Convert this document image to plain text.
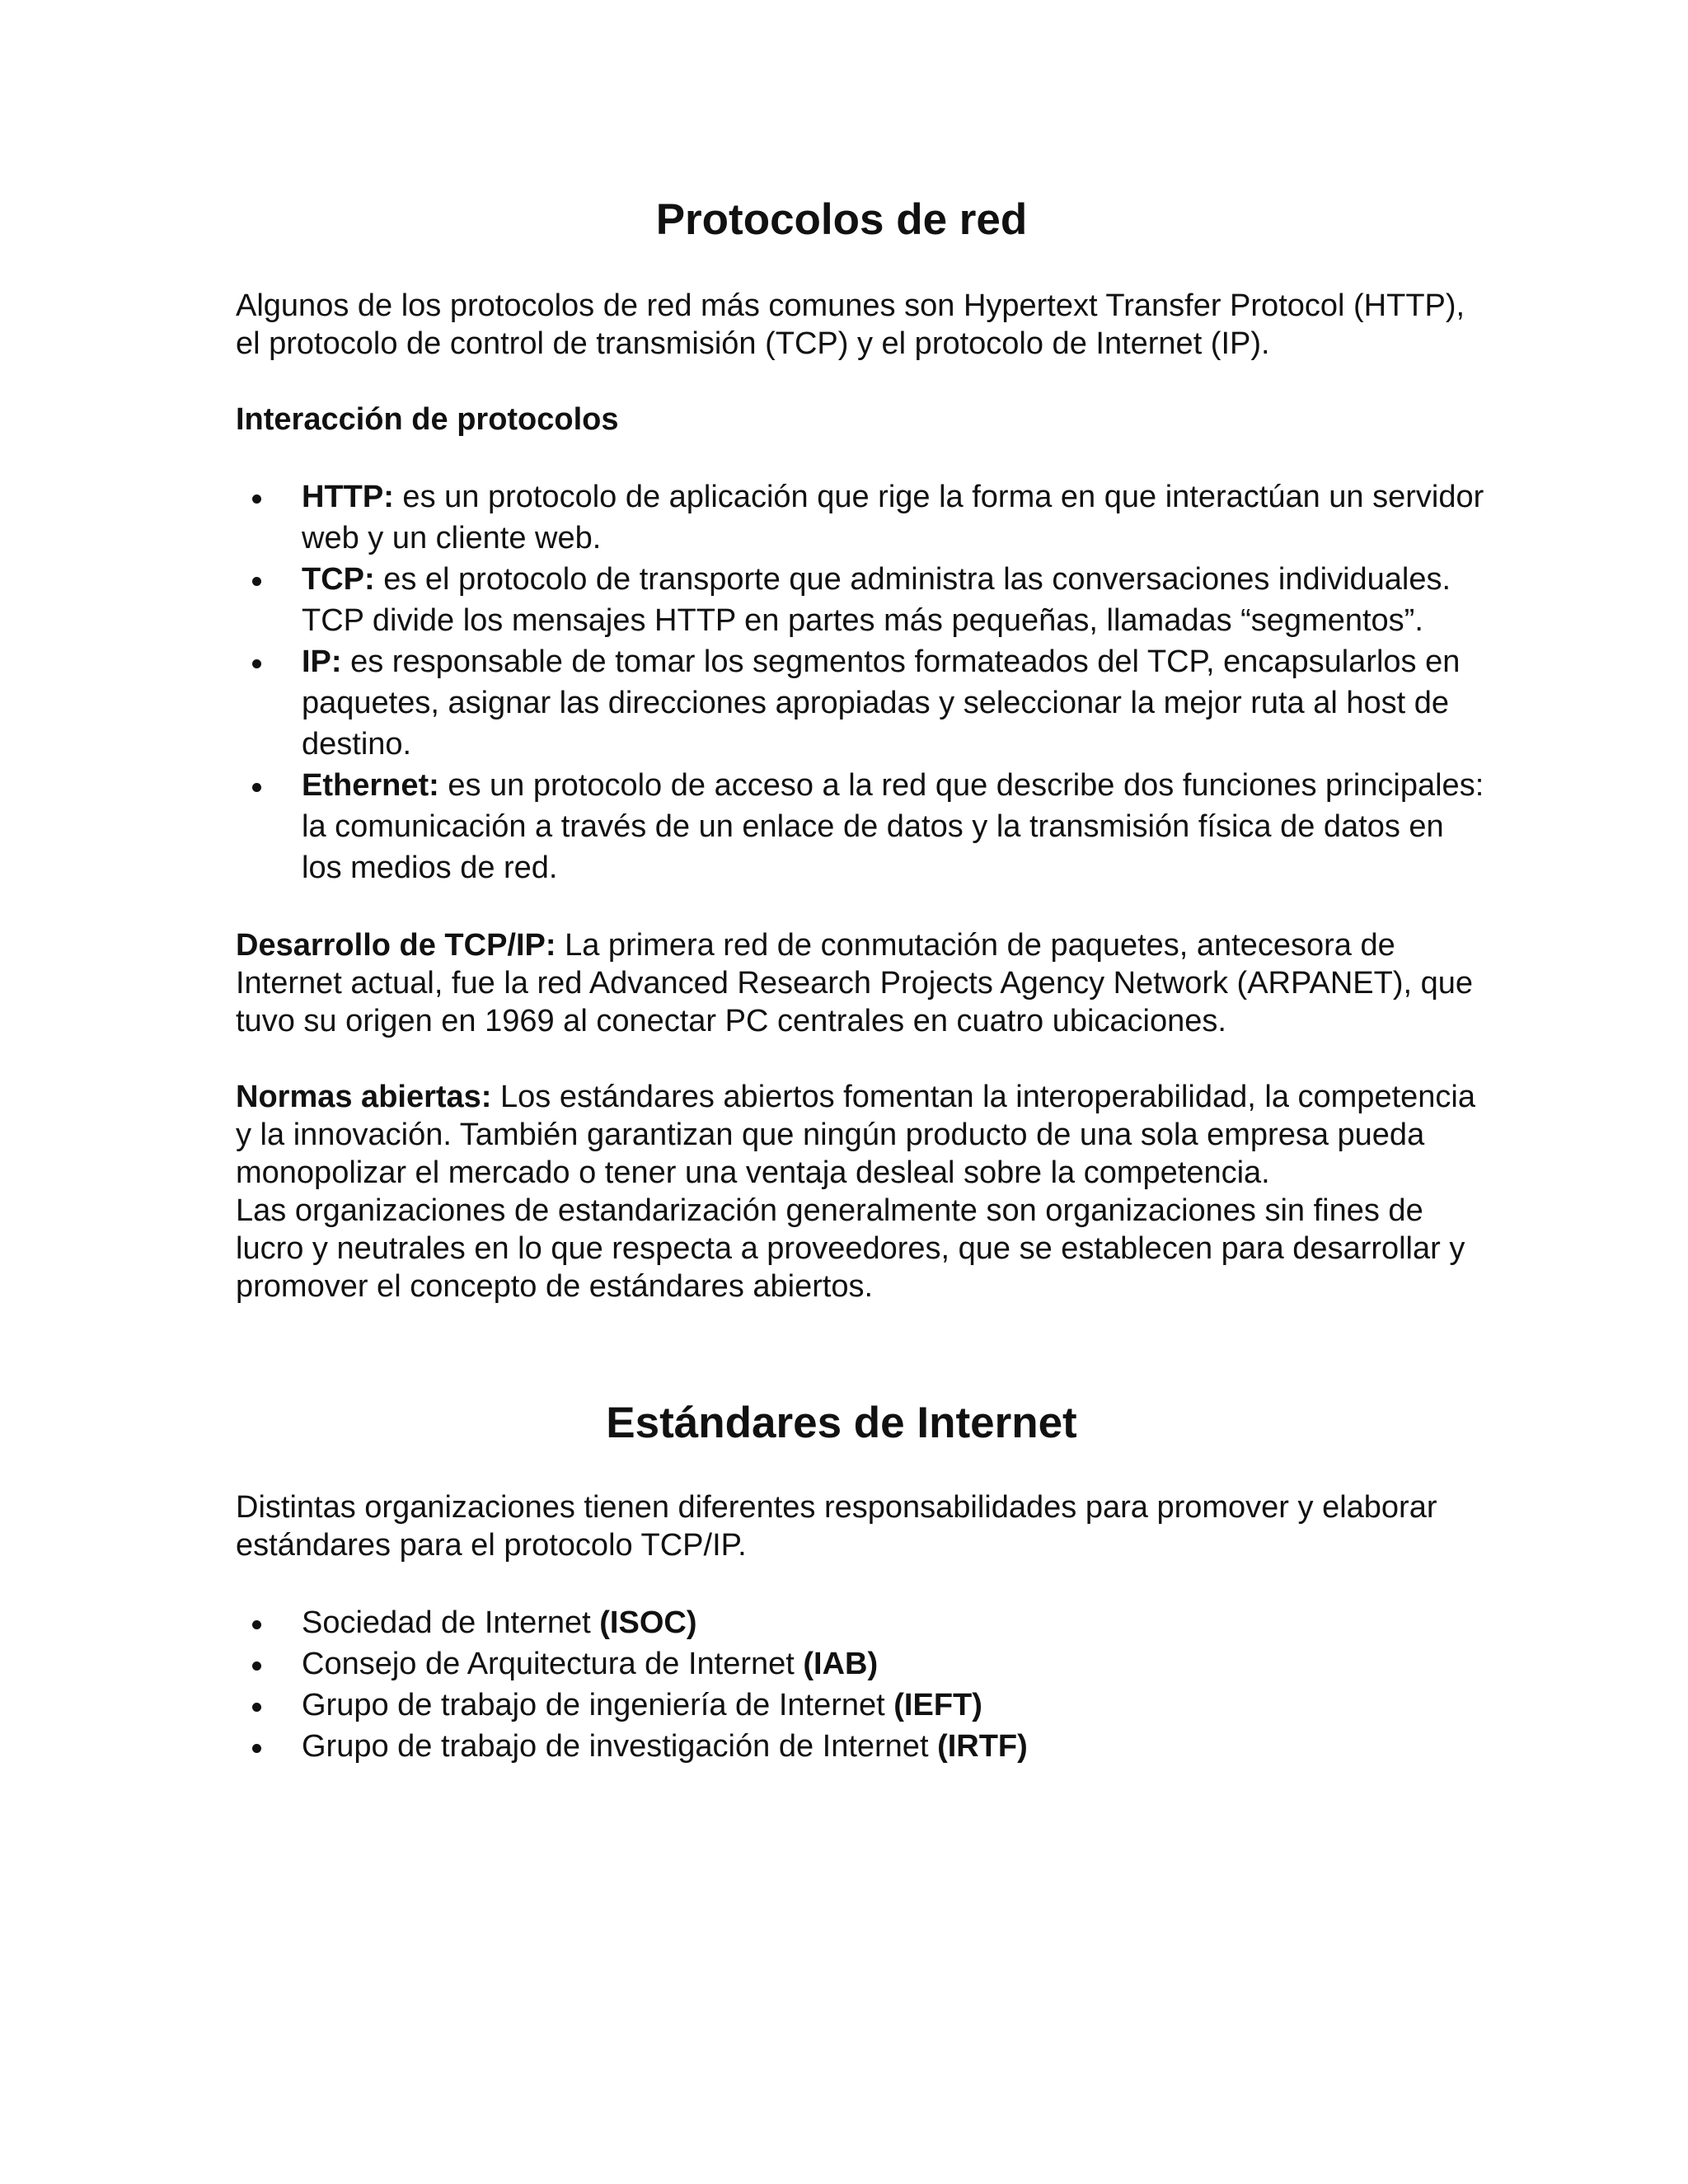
Protocolos de red

Algunos de los protocolos de red más comunes son Hypertext Transfer Protocol (HTTP), el protocolo de control de transmisión (TCP) y el protocolo de Internet (IP).

Interacción de protocolos
HTTP: es un protocolo de aplicación que rige la forma en que interactúan un servidor web y un cliente web.
TCP: es el protocolo de transporte que administra las conversaciones individuales. TCP divide los mensajes HTTP en partes más pequeñas, llamadas “segmentos”.
IP: es responsable de tomar los segmentos formateados del TCP, encapsularlos en paquetes, asignar las direcciones apropiadas y seleccionar la mejor ruta al host de destino.
Ethernet: es un protocolo de acceso a la red que describe dos funciones principales: la comunicación a través de un enlace de datos y la transmisión física de datos en los medios de red.

Desarrollo de TCP/IP: La primera red de conmutación de paquetes, antecesora de Internet actual, fue la red Advanced Research Projects Agency Network (ARPANET), que tuvo su origen en 1969 al conectar PC centrales en cuatro ubicaciones.

Normas abiertas: Los estándares abiertos fomentan la interoperabilidad, la competencia y la innovación. También garantizan que ningún producto de una sola empresa pueda monopolizar el mercado o tener una ventaja desleal sobre la competencia.

Las organizaciones de estandarización generalmente son organizaciones sin fines de lucro y neutrales en lo que respecta a proveedores, que se establecen para desarrollar y promover el concepto de estándares abiertos.

Estándares de Internet

Distintas organizaciones tienen diferentes responsabilidades para promover y elaborar estándares para el protocolo TCP/IP.

Sociedad de Internet (ISOC)
Consejo de Arquitectura de Internet (IAB)
Grupo de trabajo de ingeniería de Internet (IEFT)
Grupo de trabajo de investigación de Internet (IRTF)
